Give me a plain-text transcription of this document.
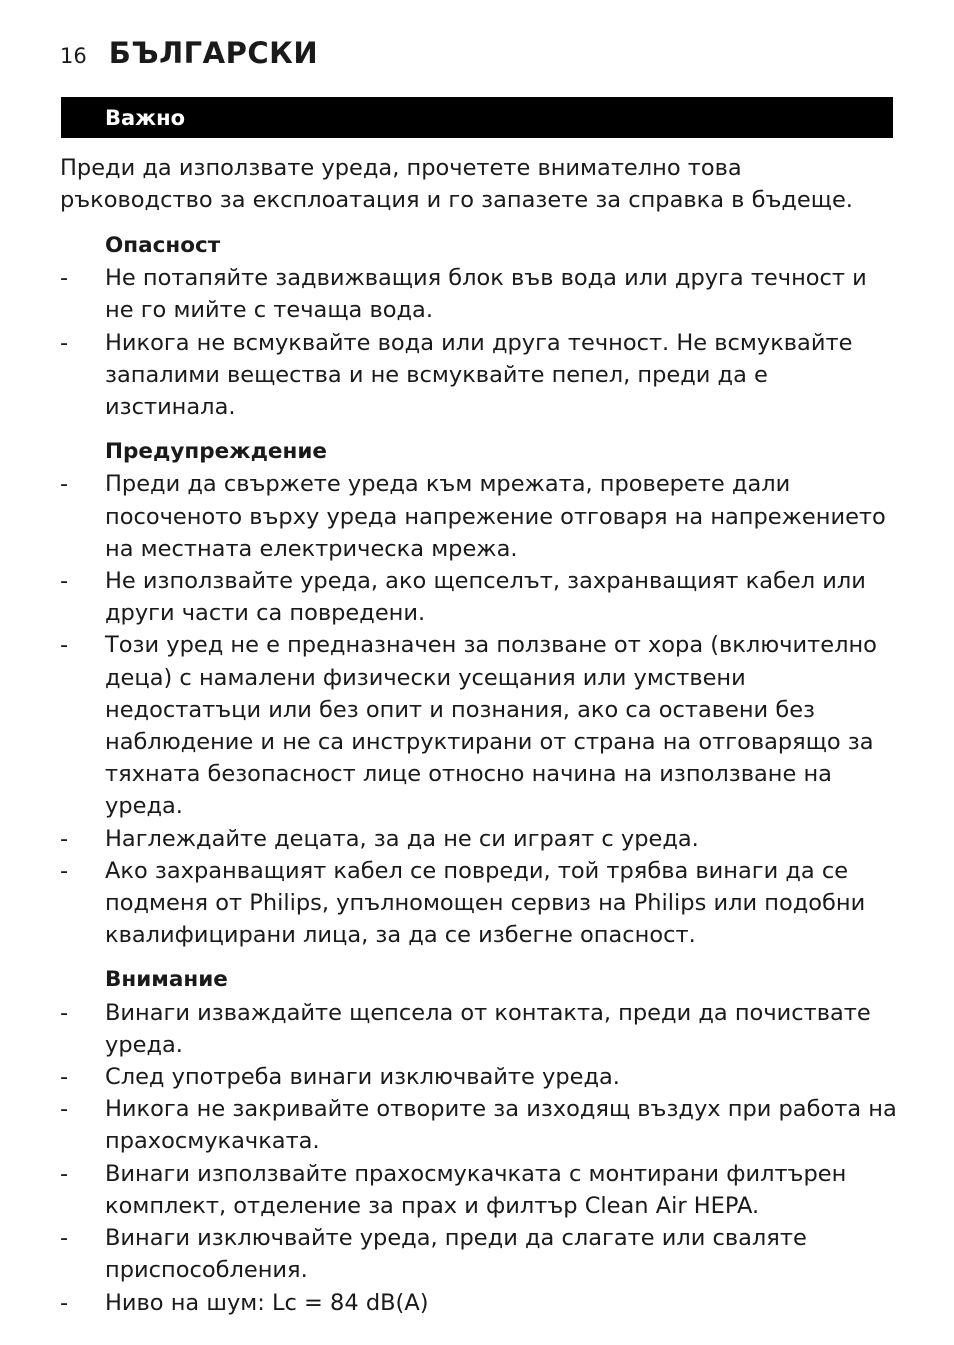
16 БЪЛГАРСКИ
Важно

Преди да използвате уреда, прочетете внимателно това ръководство за експлоатация и го запазете за справка в бъдеще.

Опасност
-	Не потапяйте задвижващия блок във вода или друга течност и не го мийте с течаща вода.
-	Никога не всмуквайте вода или друга течност. Не всмуквайте запалими вещества и не всмуквайте пепел, преди да е изстинала.
Предупреждение
-	Преди да свържете уреда към мрежата, проверете дали посоченото върху уреда напрежение отговаря на напрежението на местната електрическа мрежа.
-	Не използвайте уреда, ако щепселът, захранващият кабел или други части са повредени.
-	Този уред не е предназначен за ползване от хора (включително деца) с намалени физически усещания или умствени недостатъци или без опит и познания, ако са оставени без наблюдение и не са инструктирани от страна на отговарящо за тяхната безопасност лице относно начина на използване на уреда.
-	Наглеждайте децата, за да не си играят с уреда.
-	Ако захранващият кабел се повреди, той трябва винаги да се подменя от Philips, упълномощен сервиз на Philips или подобни квалифицирани лица, за да се избегне опасност.
Внимание
-	Винаги изваждайте щепсела от контакта, преди да почиствате уреда.
-	След употреба винаги изключвайте уреда.
-	Никога не закривайте отворите за изходящ въздух при работа на прахосмукачката.
-	Винаги използвайте прахосмукачката с монтирани филтърен комплект, отделение за прах и филтър Clean Air HEPA.
-	Винаги изключвайте уреда, преди да слагате или сваляте приспособления.
-	Ниво на шум: Lc = 84 dB(A)
